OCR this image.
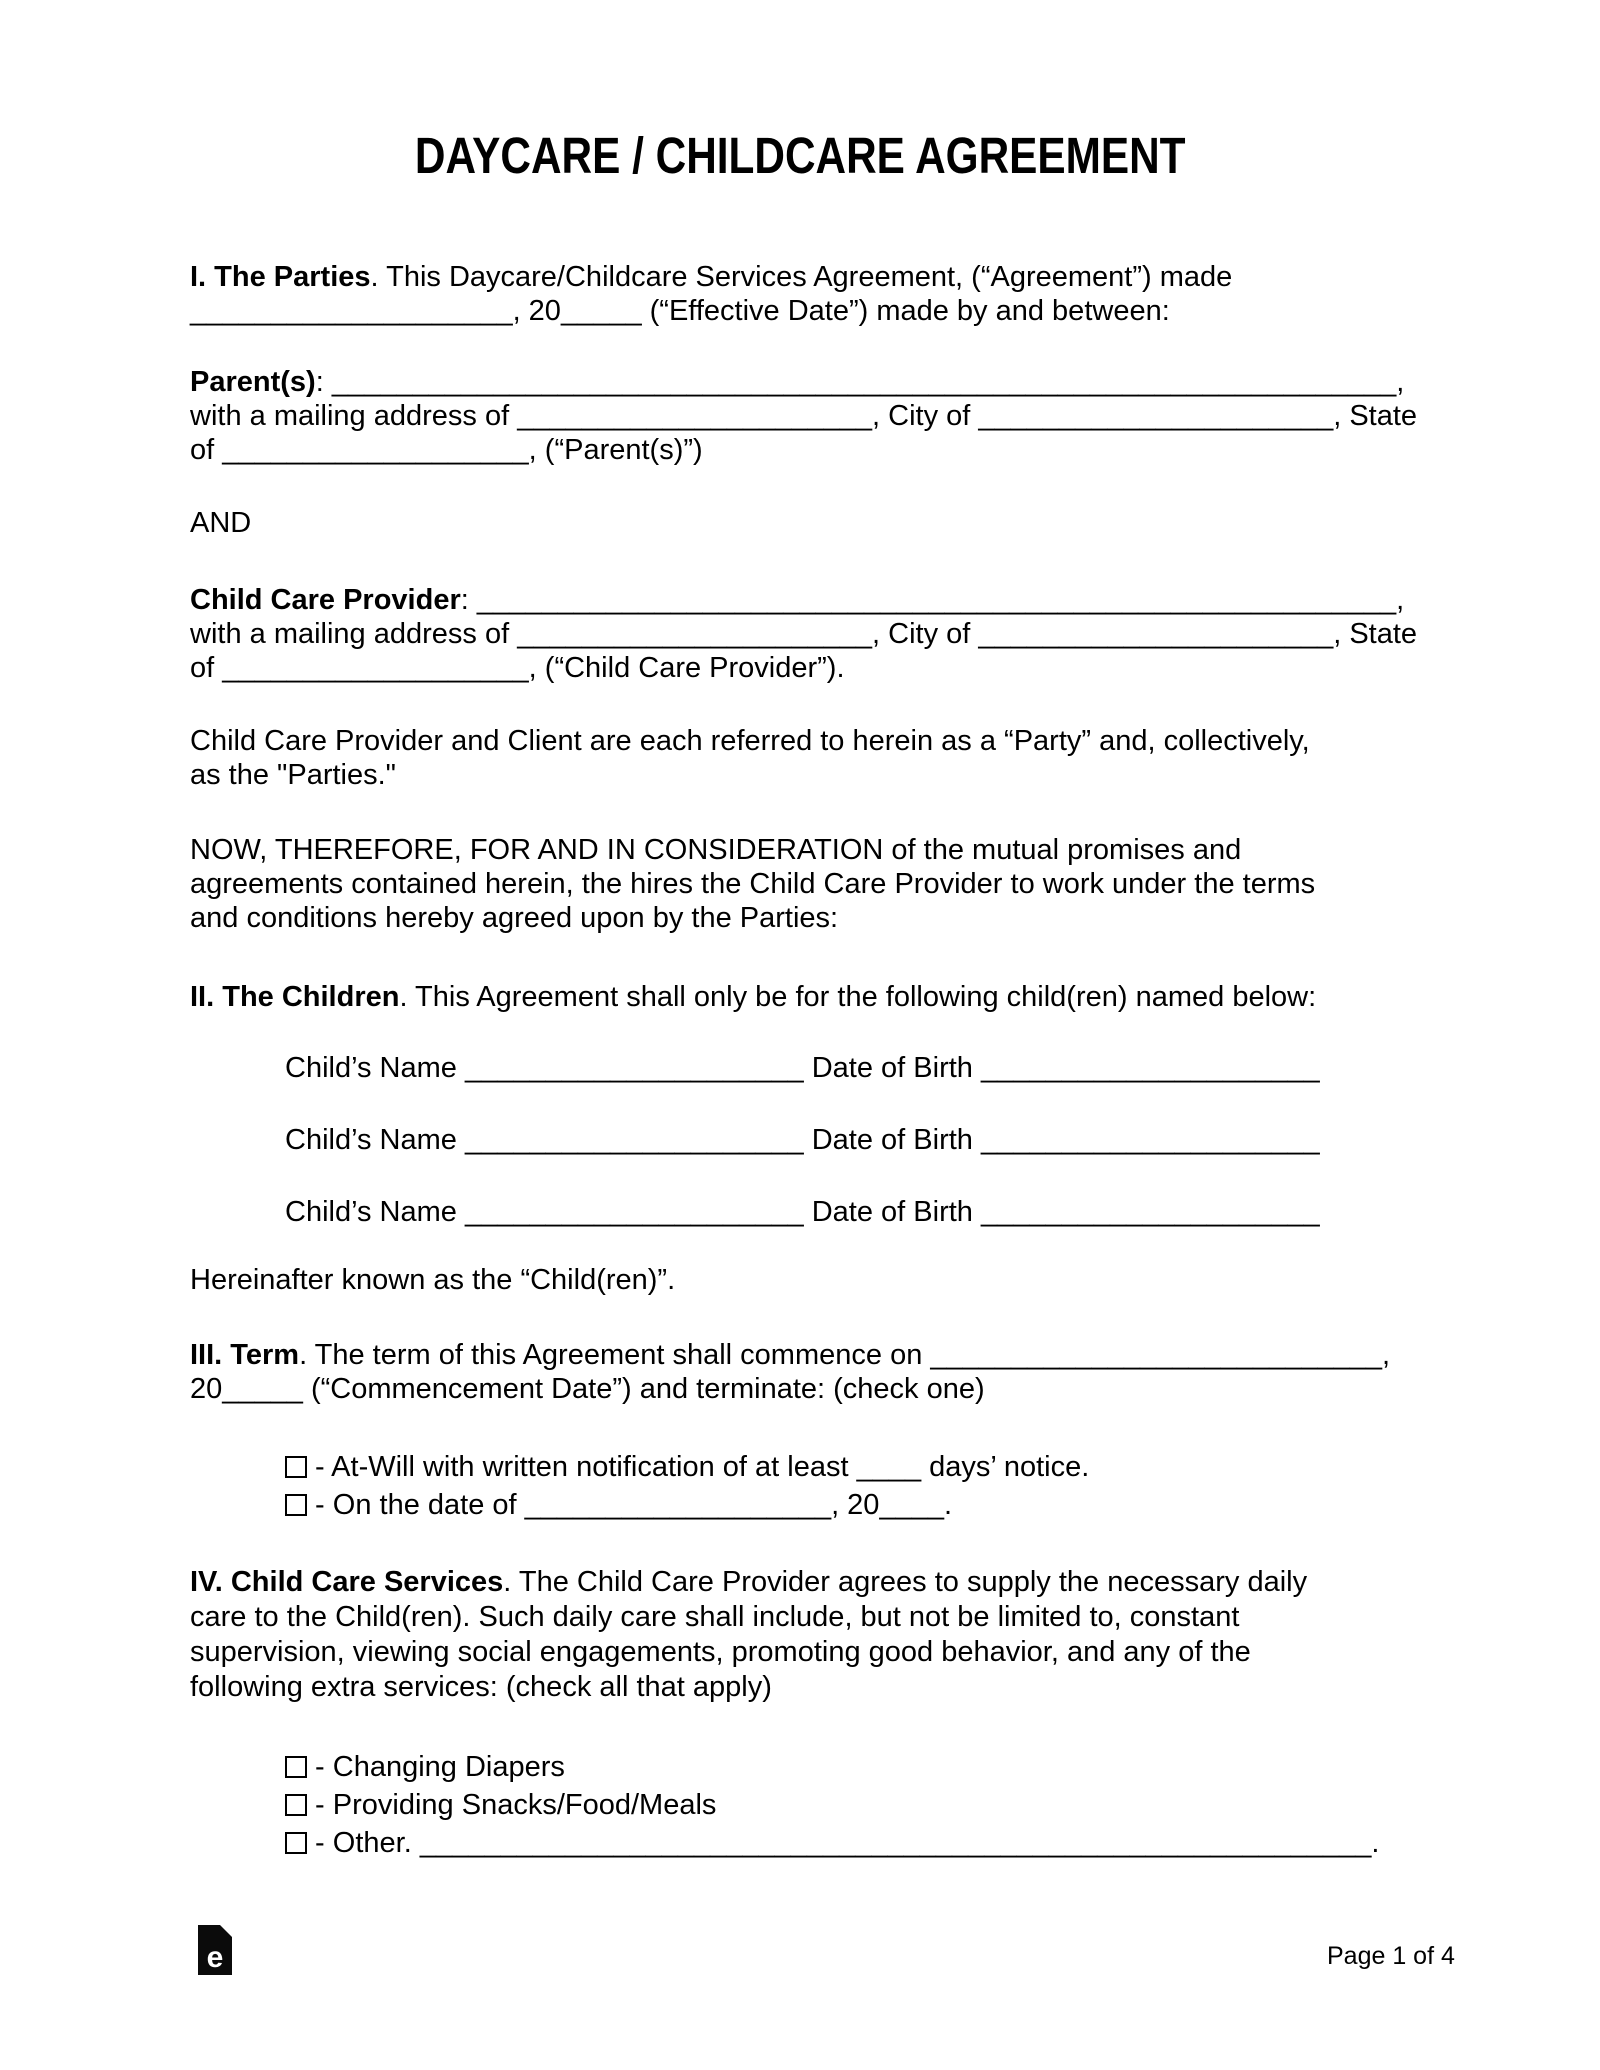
DAYCARE / CHILDCARE AGREEMENT
I. The Parties. This Daycare/Childcare Services Agreement, (“Agreement”) made
____________________, 20_____ (“Effective Date”) made by and between:
Parent(s): __________________________________________________________________,
with a mailing address of ______________________, City of ______________________, State
of ___________________, (“Parent(s)”)
AND
Child Care Provider: _________________________________________________________,
with a mailing address of ______________________, City of ______________________, State
of ___________________, (“Child Care Provider”).
Child Care Provider and Client are each referred to herein as a “Party” and, collectively,
as the "Parties."
NOW, THEREFORE, FOR AND IN CONSIDERATION of the mutual promises and
agreements contained herein, the hires the Child Care Provider to work under the terms
and conditions hereby agreed upon by the Parties:
II. The Children. This Agreement shall only be for the following child(ren) named below:
Child’s Name _____________________ Date of Birth _____________________
Child’s Name _____________________ Date of Birth _____________________
Child’s Name _____________________ Date of Birth _____________________
Hereinafter known as the “Child(ren)”.
III. Term. The term of this Agreement shall commence on ____________________________,
20_____ (“Commencement Date”) and terminate: (check one)
- At-Will with written notification of at least ____ days’ notice.
- On the date of ___________________, 20____.
IV. Child Care Services. The Child Care Provider agrees to supply the necessary daily
care to the Child(ren). Such daily care shall include, but not be limited to, constant
supervision, viewing social engagements, promoting good behavior, and any of the
following extra services: (check all that apply)
- Changing Diapers
- Providing Snacks/Food/Meals
- Other. ___________________________________________________________.
e	Page 1 of 4
